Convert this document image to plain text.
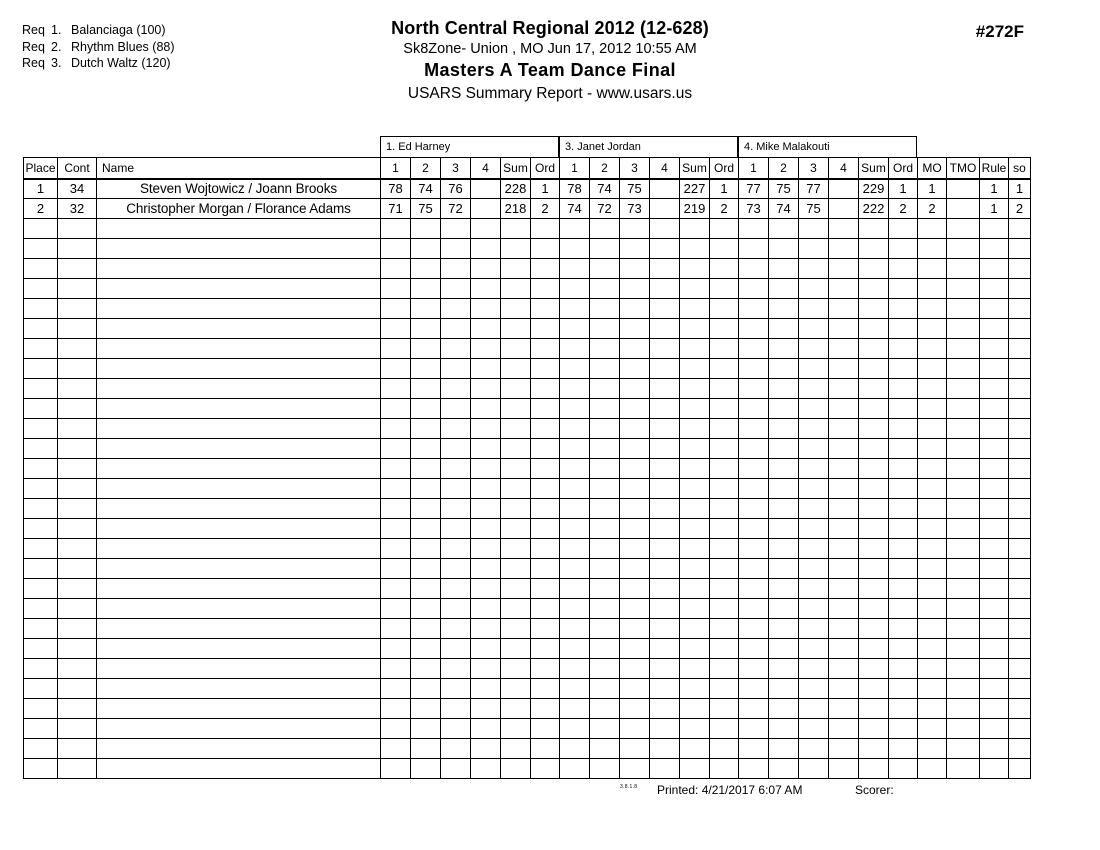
Req 1. Balanciaga (100)
Req 2. Rhythm Blues (88)
Req 3. Dutch Waltz (120)
North Central Regional 2012 (12-628)
Sk8Zone- Union , MO Jun 17, 2012 10:55 AM
Masters A Team Dance Final
USARS Summary Report - www.usars.us
#272F
1. Ed Harney	3. Janet Jordan	4. Mike Malakouti
Place	Cont	Name	1	2	3	4	Sum	Ord	1	2	3	4	Sum	Ord	1	2	3	4	Sum	Ord	MO	TMO	Rule	so
1	34	Steven Wojtowicz / Joann Brooks	78	74	76		228	1	78	74	75		227	1	77	75	77		229	1	1		1	1
2	32	Christopher Morgan / Florance Adams	71	75	72		218	2	74	72	73		219	2	73	74	75		222	2	2		1	2

3.8.1.8 Printed: 4/21/2017 6:07 AM	Scorer:
